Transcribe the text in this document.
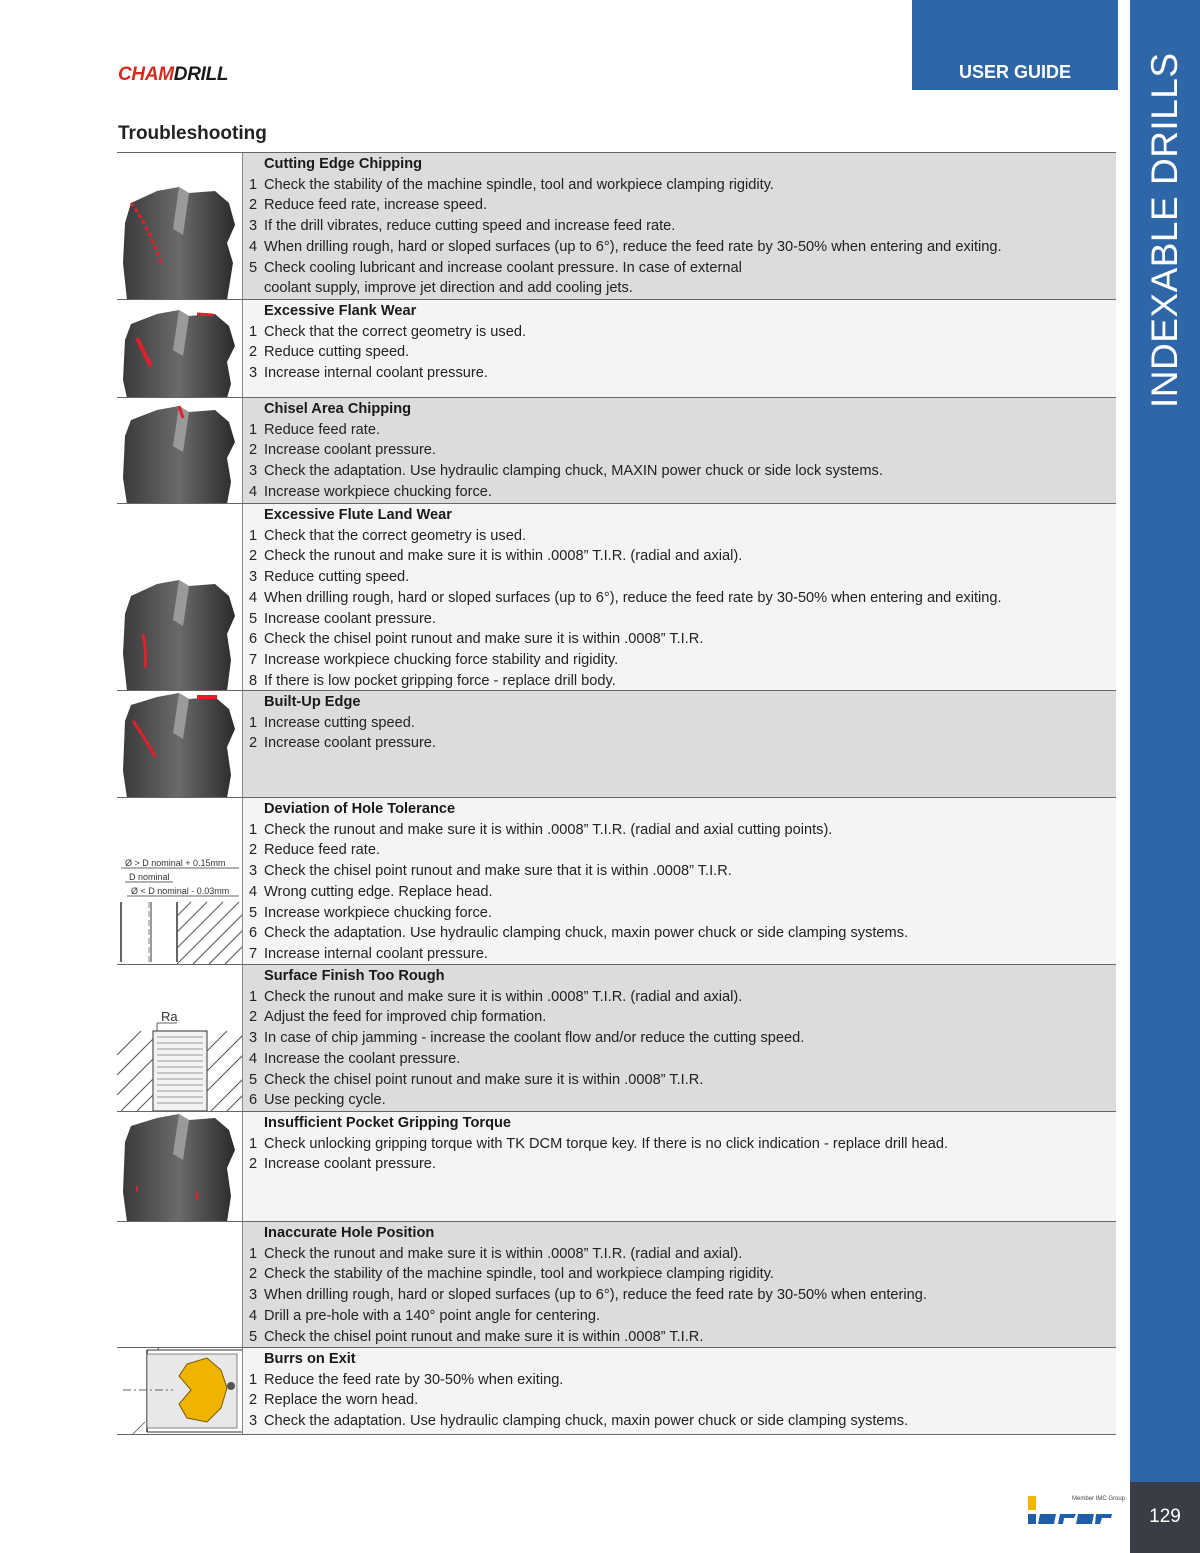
CHAMDRILL	USER GUIDE	INDEXABLE DRILLS
129
Troubleshooting
Cutting Edge Chipping
1 Check the stability of the machine spindle, tool and workpiece clamping rigidity.
2 Reduce feed rate, increase speed.
3 If the drill vibrates, reduce cutting speed and increase feed rate.
4 When drilling rough, hard or sloped surfaces (up to 6°), reduce the feed rate by 30-50% when entering and exiting.
5 Check cooling lubricant and increase coolant pressure. In case of external
coolant supply, improve jet direction and add cooling jets.
Excessive Flank Wear
1 Check that the correct geometry is used.
2 Reduce cutting speed.
3 Increase internal coolant pressure.
Chisel Area Chipping
1 Reduce feed rate.
2 Increase coolant pressure.
3 Check the adaptation. Use hydraulic clamping chuck, MAXIN power chuck or side lock systems.
4 Increase workpiece chucking force.
Excessive Flute Land Wear
1 Check that the correct geometry is used.
2 Check the runout and make sure it is within .0008” T.I.R. (radial and axial).
3 Reduce cutting speed.
4 When drilling rough, hard or sloped surfaces (up to 6°), reduce the feed rate by 30-50% when entering and exiting.
5 Increase coolant pressure.
6 Check the chisel point runout and make sure it is within .0008” T.I.R.
7 Increase workpiece chucking force stability and rigidity.
8 If there is low pocket gripping force - replace drill body.
Built-Up Edge
1 Increase cutting speed.
2 Increase coolant pressure.
Ø > D nominal + 0.15mm
D nominal
Ø < D nominal - 0.03mm
Deviation of Hole Tolerance
1 Check the runout and make sure it is within .0008” T.I.R. (radial and axial cutting points).
2 Reduce feed rate.
3 Check the chisel point runout and make sure that it is within .0008” T.I.R.
4 Wrong cutting edge. Replace head.
5 Increase workpiece chucking force.
6 Check the adaptation. Use hydraulic clamping chuck, maxin power chuck or side clamping systems.
7 Increase internal coolant pressure.
Ra
Surface Finish Too Rough
1 Check the runout and make sure it is within .0008” T.I.R. (radial and axial).
2 Adjust the feed for improved chip formation.
3 In case of chip jamming - increase the coolant flow and/or reduce the cutting speed.
4 Increase the coolant pressure.
5 Check the chisel point runout and make sure it is within .0008” T.I.R.
6 Use pecking cycle.
Insufficient Pocket Gripping Torque
1 Check unlocking gripping torque with TK DCM torque key. If there is no click indication - replace drill head.
2 Increase coolant pressure.
Inaccurate Hole Position
1 Check the runout and make sure it is within .0008” T.I.R. (radial and axial).
2 Check the stability of the machine spindle, tool and workpiece clamping rigidity.
3 When drilling rough, hard or sloped surfaces (up to 6°), reduce the feed rate by 30-50% when entering.
4 Drill a pre-hole with a 140° point angle for centering.
5 Check the chisel point runout and make sure it is within .0008” T.I.R.
Burrs on Exit
1 Reduce the feed rate by 30-50% when exiting.
2 Replace the worn head.
3 Check the adaptation. Use hydraulic clamping chuck, maxin power chuck or side clamping systems.
Member IMC Group
